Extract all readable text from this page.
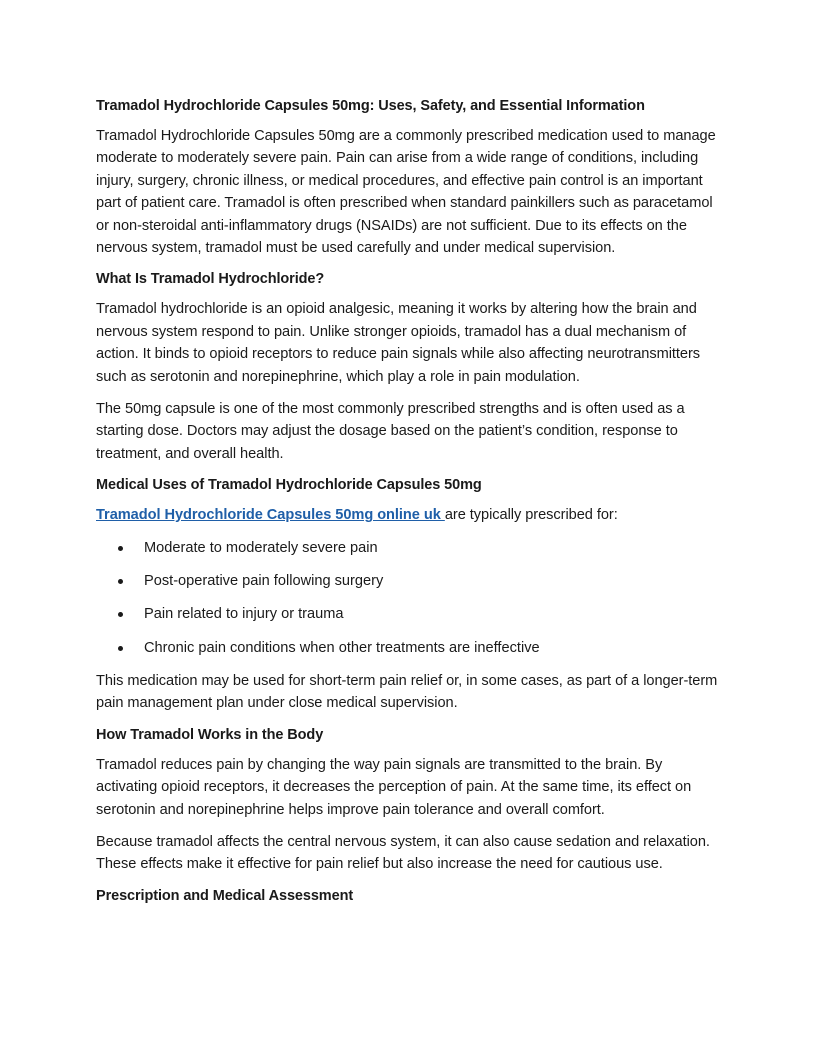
Tramadol Hydrochloride Capsules 50mg: Uses, Safety, and Essential Information

Tramadol Hydrochloride Capsules 50mg are a commonly prescribed medication used to manage moderate to moderately severe pain. Pain can arise from a wide range of conditions, including injury, surgery, chronic illness, or medical procedures, and effective pain control is an important part of patient care. Tramadol is often prescribed when standard painkillers such as paracetamol or non-steroidal anti-inflammatory drugs (NSAIDs) are not sufficient. Due to its effects on the nervous system, tramadol must be used carefully and under medical supervision.

What Is Tramadol Hydrochloride?

Tramadol hydrochloride is an opioid analgesic, meaning it works by altering how the brain and nervous system respond to pain. Unlike stronger opioids, tramadol has a dual mechanism of action. It binds to opioid receptors to reduce pain signals while also affecting neurotransmitters such as serotonin and norepinephrine, which play a role in pain modulation.

The 50mg capsule is one of the most commonly prescribed strengths and is often used as a starting dose. Doctors may adjust the dosage based on the patient’s condition, response to treatment, and overall health.

Medical Uses of Tramadol Hydrochloride Capsules 50mg

Tramadol Hydrochloride Capsules 50mg online uk are typically prescribed for:

Moderate to moderately severe pain
Post-operative pain following surgery
Pain related to injury or trauma
Chronic pain conditions when other treatments are ineffective

This medication may be used for short-term pain relief or, in some cases, as part of a longer-term pain management plan under close medical supervision.

How Tramadol Works in the Body

Tramadol reduces pain by changing the way pain signals are transmitted to the brain. By activating opioid receptors, it decreases the perception of pain. At the same time, its effect on serotonin and norepinephrine helps improve pain tolerance and overall comfort.

Because tramadol affects the central nervous system, it can also cause sedation and relaxation. These effects make it effective for pain relief but also increase the need for cautious use.

Prescription and Medical Assessment
